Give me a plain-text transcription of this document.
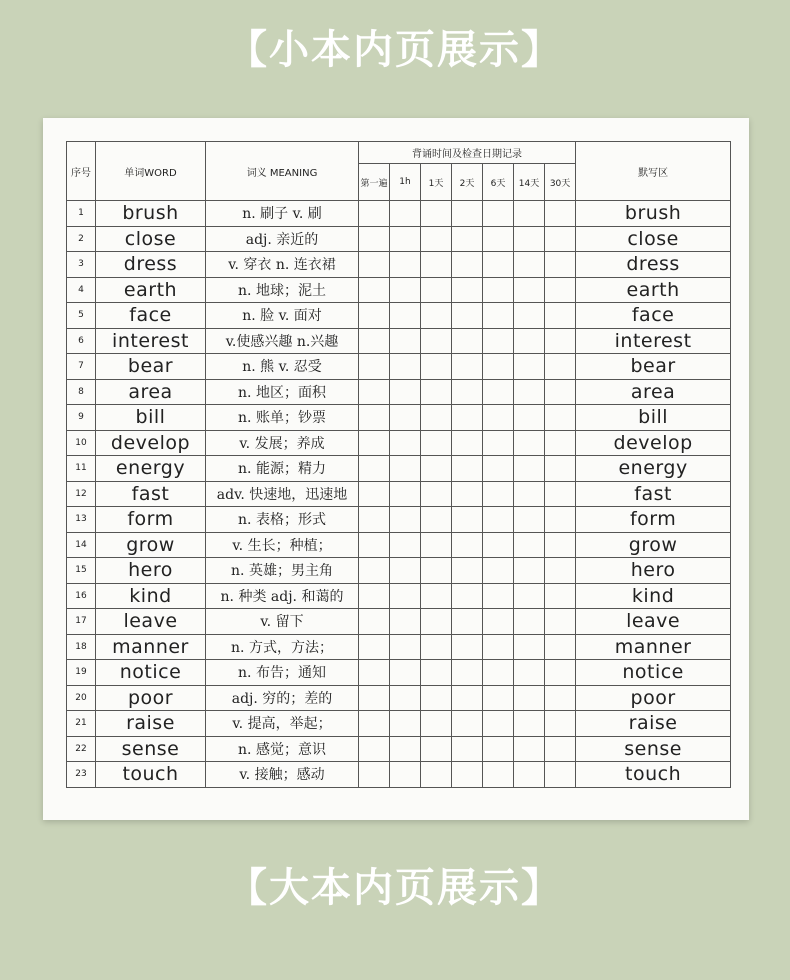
【小本内页展示】
序号	单词WORD	词义 MEANING	背诵时间及检查日期记录							默写区
			第一遍	1h	1天	2天	6天	14天	30天	
1	brush	n. 刷子 v. 刷								brush
2	close	adj. 亲近的								close
3	dress	v. 穿衣 n. 连衣裙								dress
4	earth	n. 地球；泥土								earth
5	face	n. 脸 v. 面对								face
6	interest	v.使感兴趣 n.兴趣								interest
7	bear	n. 熊 v. 忍受								bear
8	area	n. 地区；面积								area
9	bill	n. 账单；钞票								bill
10	develop	v. 发展；养成								develop
11	energy	n. 能源；精力								energy
12	fast	adv. 快速地，迅速地								fast
13	form	n. 表格；形式								form
14	grow	v. 生长；种植；								grow
15	hero	n. 英雄；男主角								hero
16	kind	n. 种类 adj. 和蔼的								kind
17	leave	v. 留下								leave
18	manner	n. 方式，方法；								manner
19	notice	n. 布告；通知								notice
20	poor	adj. 穷的；差的								poor
21	raise	v. 提高，举起；								raise
22	sense	n. 感觉；意识								sense
23	touch	v. 接触；感动								touch
【大本内页展示】
